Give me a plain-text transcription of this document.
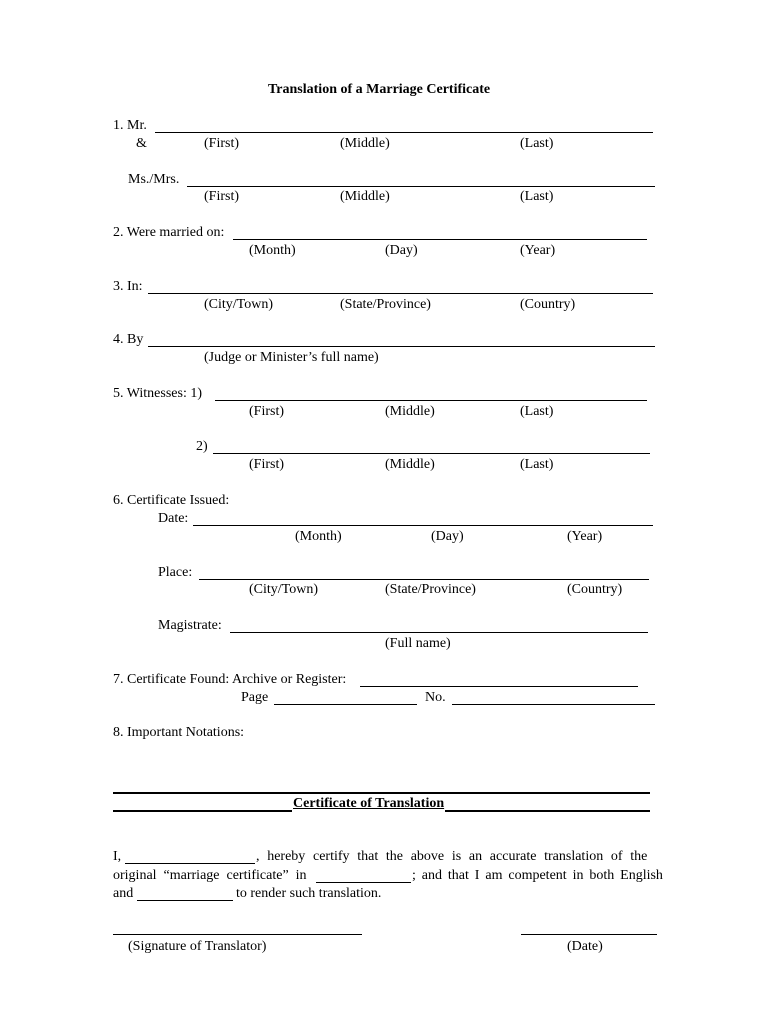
Translation of a Marriage Certificate
1. Mr.
&	(First)	(Middle)	(Last)
Ms./Mrs.
(First)	(Middle)	(Last)
2. Were married on:
(Month)	(Day)	(Year)
3. In:
(City/Town)	(State/Province)	(Country)
4. By
(Judge or Minister’s full name)
5. Witnesses: 1)
(First)	(Middle)	(Last)
2)
(First)	(Middle)	(Last)
6. Certificate Issued:
Date:
(Month)	(Day)	(Year)
Place:
(City/Town)	(State/Province)	(Country)
Magistrate:
(Full name)
7. Certificate Found: Archive or Register:
Page	No.
8. Important Notations:
Certificate of Translation
I,	, hereby certify that the above is an accurate translation of the
original “marriage certificate” in	; and that I am competent in both English
and	to render such translation.
(Signature of Translator)	(Date)
